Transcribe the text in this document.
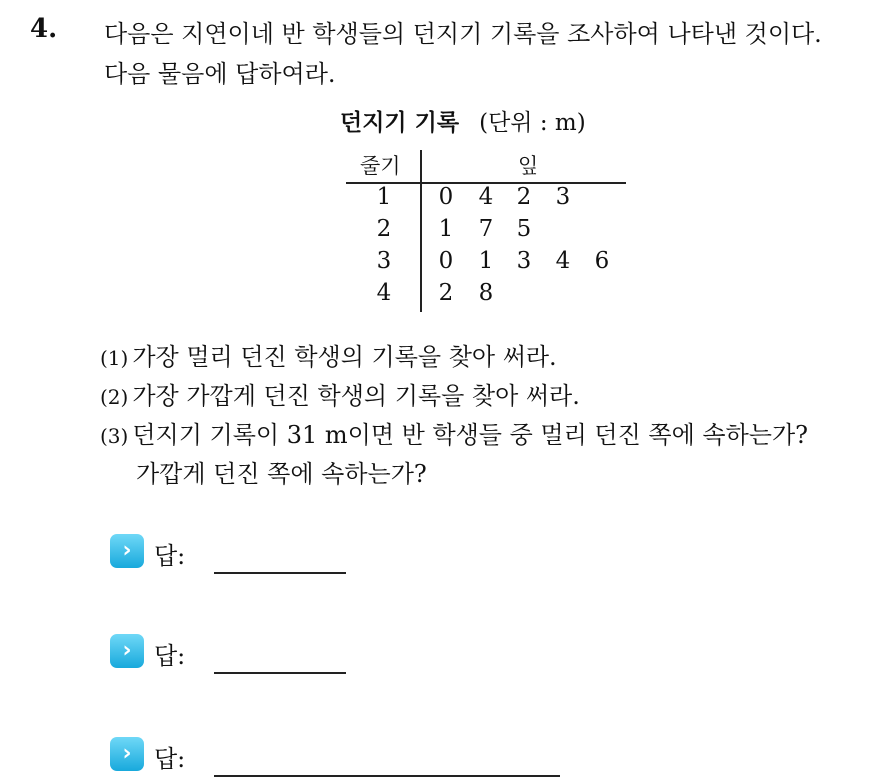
4. 다음은 지연이네 반 학생들의 던지기 기록을 조사하여 나타낸 것이다.
다음 물음에 답하여라.
던지기 기록 (단위 : m)
줄기	잎
1 0 4 2 3
2 1 7 5
3 0 1 3 4 6
4 2 8
(1) 가장 멀리 던진 학생의 기록을 찾아 써라.
(2) 가장 가깝게 던진 학생의 기록을 찾아 써라.
(3) 던지기 기록이 31 m이면 반 학생들 중 멀리 던진 쪽에 속하는가?
가깝게 던진 쪽에 속하는가?
› 답:
› 답:
› 답:
